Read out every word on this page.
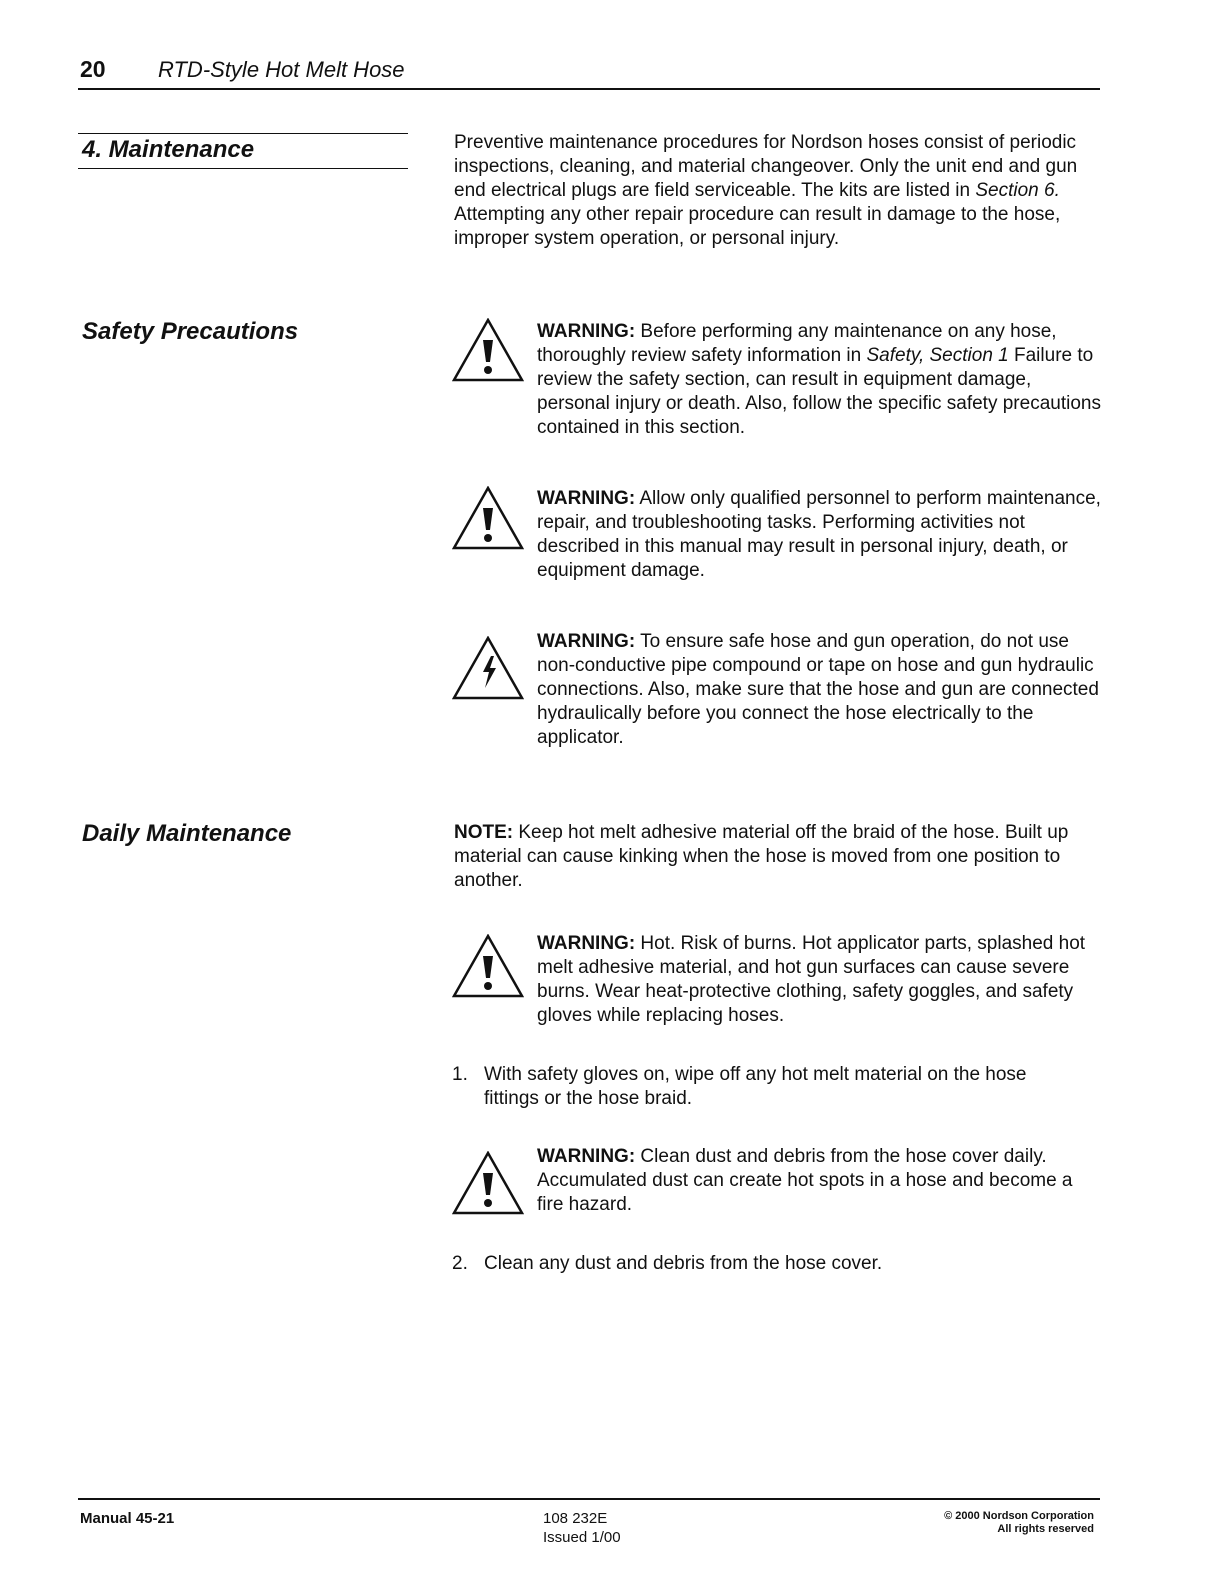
20 RTD-Style Hot Melt Hose
4. Maintenance	Preventive maintenance procedures for Nordson hoses consist of periodic inspections, cleaning, and material changeover. Only the unit end and gun end electrical plugs are field serviceable. The kits are listed in Section 6. Attempting any other repair procedure can result in damage to the hose, improper system operation, or personal injury.
Safety Precautions	WARNING: Before performing any maintenance on any hose, thoroughly review safety information in Safety, Section 1 Failure to review the safety section, can result in equipment damage, personal injury or death. Also, follow the specific safety precautions contained in this section.
WARNING: Allow only qualified personnel to perform maintenance, repair, and troubleshooting tasks. Performing activities not described in this manual may result in personal injury, death, or equipment damage.
WARNING: To ensure safe hose and gun operation, do not use non-conductive pipe compound or tape on hose and gun hydraulic connections. Also, make sure that the hose and gun are connected hydraulically before you connect the hose electrically to the applicator.
Daily Maintenance	NOTE: Keep hot melt adhesive material off the braid of the hose. Built up material can cause kinking when the hose is moved from one position to another.
WARNING: Hot. Risk of burns. Hot applicator parts, splashed hot melt adhesive material, and hot gun surfaces can cause severe burns. Wear heat-protective clothing, safety goggles, and safety gloves while replacing hoses.
1. With safety gloves on, wipe off any hot melt material on the hose fittings or the hose braid.
WARNING: Clean dust and debris from the hose cover daily. Accumulated dust can create hot spots in a hose and become a fire hazard.
2. Clean any dust and debris from the hose cover.
Manual 45-21	108 232E
Issued 1/00
© 2000 Nordson Corporation
All rights reserved
